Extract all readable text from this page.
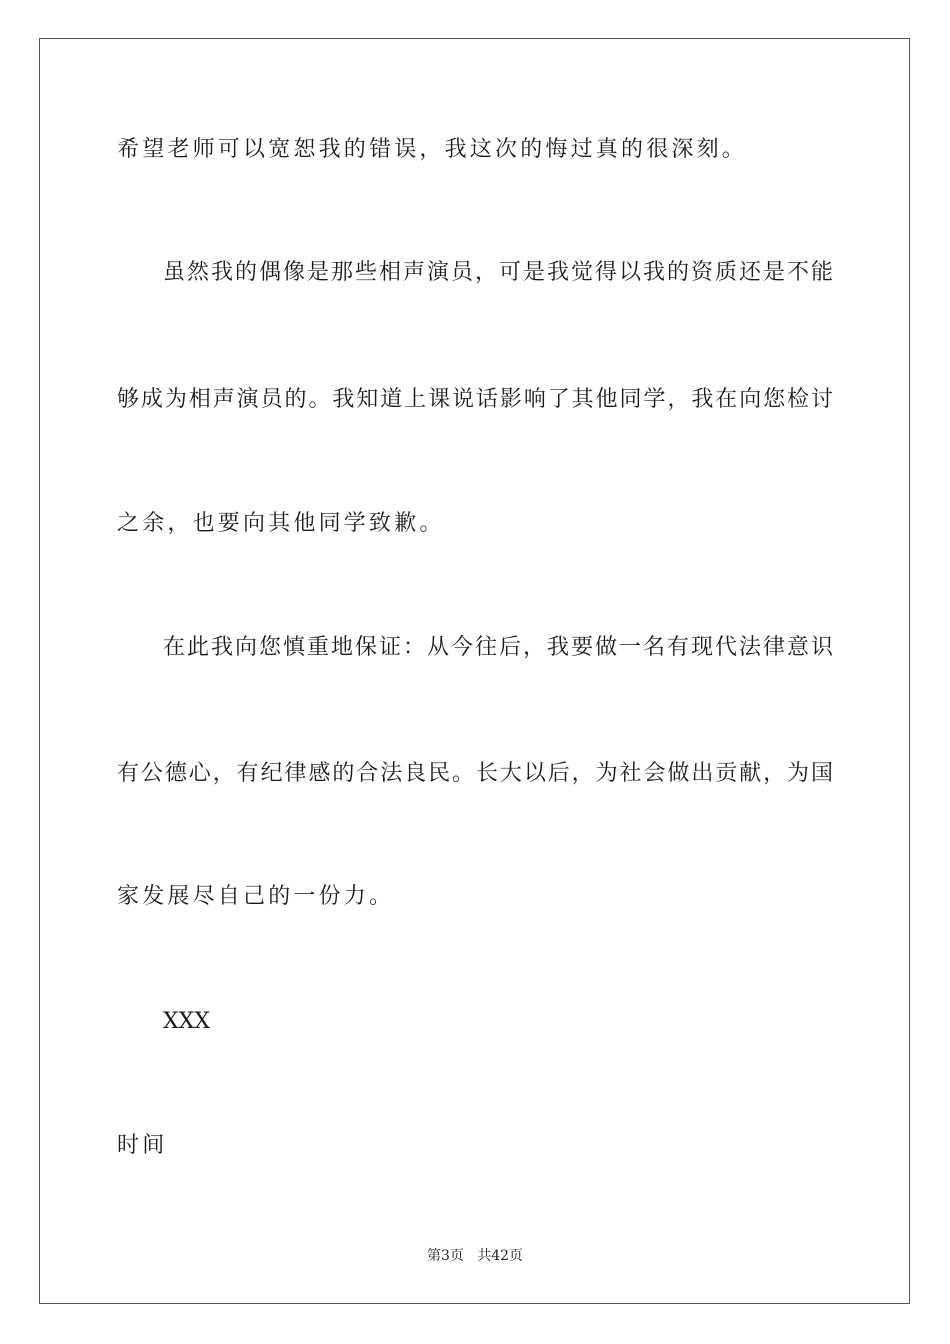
希望老师可以宽恕我的错误，我这次的悔过真的很深刻。
虽然我的偶像是那些相声演员，可是我觉得以我的资质还是不能
够成为相声演员的。我知道上课说话影响了其他同学，我在向您检讨
之余，也要向其他同学致歉。
在此我向您慎重地保证：从今往后，我要做一名有现代法律意识
有公德心，有纪律感的合法良民。长大以后，为社会做出贡献，为国
家发展尽自己的一份力。
XXX
时间
第3页   共42页
